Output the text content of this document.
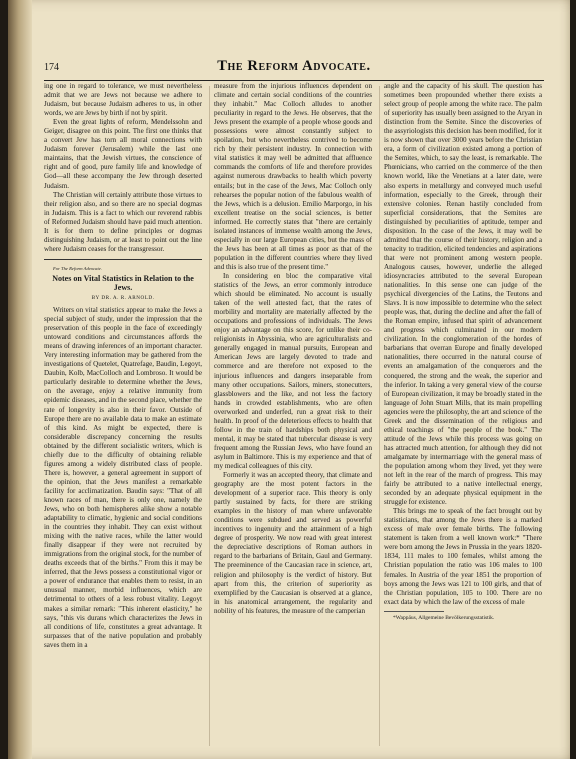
174	The Reform Advocate.

ing one in regard to tolerance, we must nevertheless admit that we are Jews not because we adhere to Judaism, but because Judaism adheres to us, in other words, we are Jews by birth if not by spirit.

Even the great lights of reform, Mendelssohn and Geiger, disagree on this point. The first one thinks that a convert Jew has torn all moral connections with Judaism forever (Jerusalem) while the last one maintains, that the Jewish virtues, the conscience of right and of good, pure family life and knowledge of God—all these accompany the Jew through deserted Judaism.

The Christian will certainly attribute those virtues to their religion also, and so there are no special dogmas in Judaism. This is a fact to which our reverend rabbis of Reformed Judaism should have paid much attention. It is for them to define principles or dogmas distinguishing Judaism, or at least to point out the line where Judaism ceases for the transgressor.

For The Reform Advocate.

Notes on Vital Statistics in Relation to the Jews.
BY DR. A. R. ARNOLD.

Writers on vital statistics appear to make the Jews a special subject of study, under the impression that the preservation of this people in the face of exceedingly untoward conditions and circumstances affords the means of drawing inferences of an important character. Very interesting information may be gathered from the investigations of Quetelet, Quatrefage, Baudin, Legoyt, Daubin, Kolb, MacColloch and Lombroso. It would be particularly desirable to determine whether the Jews, on the average, enjoy a relative immunity from epidemic diseases, and in the second place, whether the rate of longevity is also in their favor. Outside of Europe there are no available data to make an estimate of this kind. As might be expected, there is considerable discrepancy concerning the results obtained by the different socialistic writers, which is chiefly due to the difficulty of obtaining reliable figures among a widely distributed class of people. There is, however, a general agreement in support of the opinion, that the Jews manifest a remarkable facility for acclimatization. Baudin says: "That of all known races of man, there is only one, namely the Jews, who on both hemispheres alike show a notable adaptability to climatic, hygienic and social conditions in the countries they inhabit. They can exist without mixing with the native races, while the latter would finally disappear if they were not recruited by immigrations from the original stock, for the number of deaths exceeds that of the births." From this it may be inferred, that the Jews possess a constitutional vigor or a power of endurance that enables them to resist, in an unusual manner, morbid influences, which are detrimental to others of a less robust vitality. Legoyt makes a similar remark: "This inherent elasticity," he says, "this vis durans which characterizes the Jews in all conditions of life, constitutes a great advantage. It surpasses that of the native population and probably saves them in a

measure from the injurious influences dependent on climate and certain social conditions of the countries they inhabit." Mac Colloch alludes to another peculiarity in regard to the Jews. He observes, that the Jews present the example of a people whose goods and possessions were almost constantly subject to spoilation, but who nevertheless contrived to become rich by their persistent industry. In connection with vital statistics it may well be admitted that affluence commands the comforts of life and therefore provides against numerous drawbacks to health which poverty entails; but in the case of the Jews, Mac Colloch only rehearses the popular notion of the fabulous wealth of the Jews, which is a delusion. Emilio Marporgo, in his excellent treatise on the social sciences, is better informed. He correctly states that "there are certainly isolated instances of immense wealth among the Jews, especially in our large European cities, but the mass of the Jews has been at all times as poor as that of the population in the different countries where they lived and this is also true of the present time."

In considering en bloc the comparative vital statistics of the Jews, an error commonly introduce which should be eliminated. No account is usually taken of the well attested fact, that the rates of morbility and mortality are materially affected by the occupations and professions of individuals. The Jews enjoy an advantage on this score, for unlike their co-religionists in Abyssinia, who are agriculturalists and generally engaged in manual pursuits, European and American Jews are largely devoted to trade and commerce and are therefore not exposed to the injurious influences and dangers inseparable from many other occupations. Sailors, miners, stonecutters, glassblowers and the like, and not less the factory hands in crowded establishments, who are often overworked and underfed, run a great risk to their health. In proof of the deleterious effects to health that follow in the train of hardships both physical and mental, it may be stated that tubercular disease is very frequent among the Russian Jews, who have found an asylum in Baltimore. This is my experience and that of my medical colleagues of this city.

Formerly it was an accepted theory, that climate and geography are the most potent factors in the development of a superior race. This theory is only partly sustained by facts, for there are striking examples in the history of man where unfavorable conditions were subdued and served as powerful incentives to ingenuity and the attainment of a high degree of prosperity. We now read with great interest the depreciative descriptions of Roman authors in regard to the barbarians of Britain, Gaul and Germany. The preeminence of the Caucasian race in science, art, religion and philosophy is the verdict of history. But apart from this, the criterion of superiority as exemplified by the Caucasian is observed at a glance, in his anatomical arrangement, the regularity and nobility of his features, the measure of the camperian

angle and the capacity of his skull. The question has sometimes been propounded whether there exists a select group of people among the white race. The palm of superiority has usually been assigned to the Aryan in distinction from the Semite. Since the discoveries of the assyriologists this decision has been modified, for it is now shown that over 3000 years before the Christian era, a form of civilization existed among a portion of the Semites, which, to say the least, is remarkable. The Phœnicians, who carried on the commerce of the then known world, like the Venetians at a later date, were also experts in metallurgy and conveyed much useful information, especially to the Greek, through their extensive colonies. Renan hastily concluded from superficial considerations, that the Semites are distinguished by peculiarities of aptitude, temper and disposition. In the case of the Jews, it may well be admitted that the course of their history, religion and a tenacity to tradition, elicited tendencies and aspirations that were not prominent among western people. Analogous causes, however, underlie the alleged idiosyncracies attributed to the several European nationalities. In this sense one can judge of the psychical divergencies of the Latins, the Teutons and Slavs. It is now impossible to determine who the select people was, that, during the decline and after the fall of the Roman empire, infused that spirit of advancement and progress which culminated in our modern civilization. In the conglomeration of the hordes of barbarians that overran Europe and finally developed nationalities, there occurred in the natural course of events an amalgamation of the conquerors and the conquered, the strong and the weak, the superior and the inferior. In taking a very general view of the course of European civilization, it may be broadly stated in the language of John Stuart Mills, that its main propelling agencies were the philosophy, the art and science of the Greek and the dissemination of the religious and ethical teachings of "the people of the book." The attitude of the Jews while this process was going on has attracted much attention, for although they did not amalgamate by intermarriage with the general mass of the population among whom they lived, yet they were not left in the rear of the march of progress. This may fairly be attributed to a native intellectual energy, seconded by an adequate physical equipment in the struggle for existence.

This brings me to speak of the fact brought out by statisticians, that among the Jews there is a marked excess of male over female births. The following statement is taken from a well known work:* "There were born among the Jews in Prussia in the years 1820-1834, 111 males to 100 females, whilst among the Christian population the ratio was 106 males to 100 females. In Austria of the year 1851 the proportion of boys among the Jews was 121 to 100 girls, and that of the Christian population, 105 to 100. There are no exact data by which the law of the excess of male

*Wappäus, Allgemeine Bevölkerungsstatistik.
